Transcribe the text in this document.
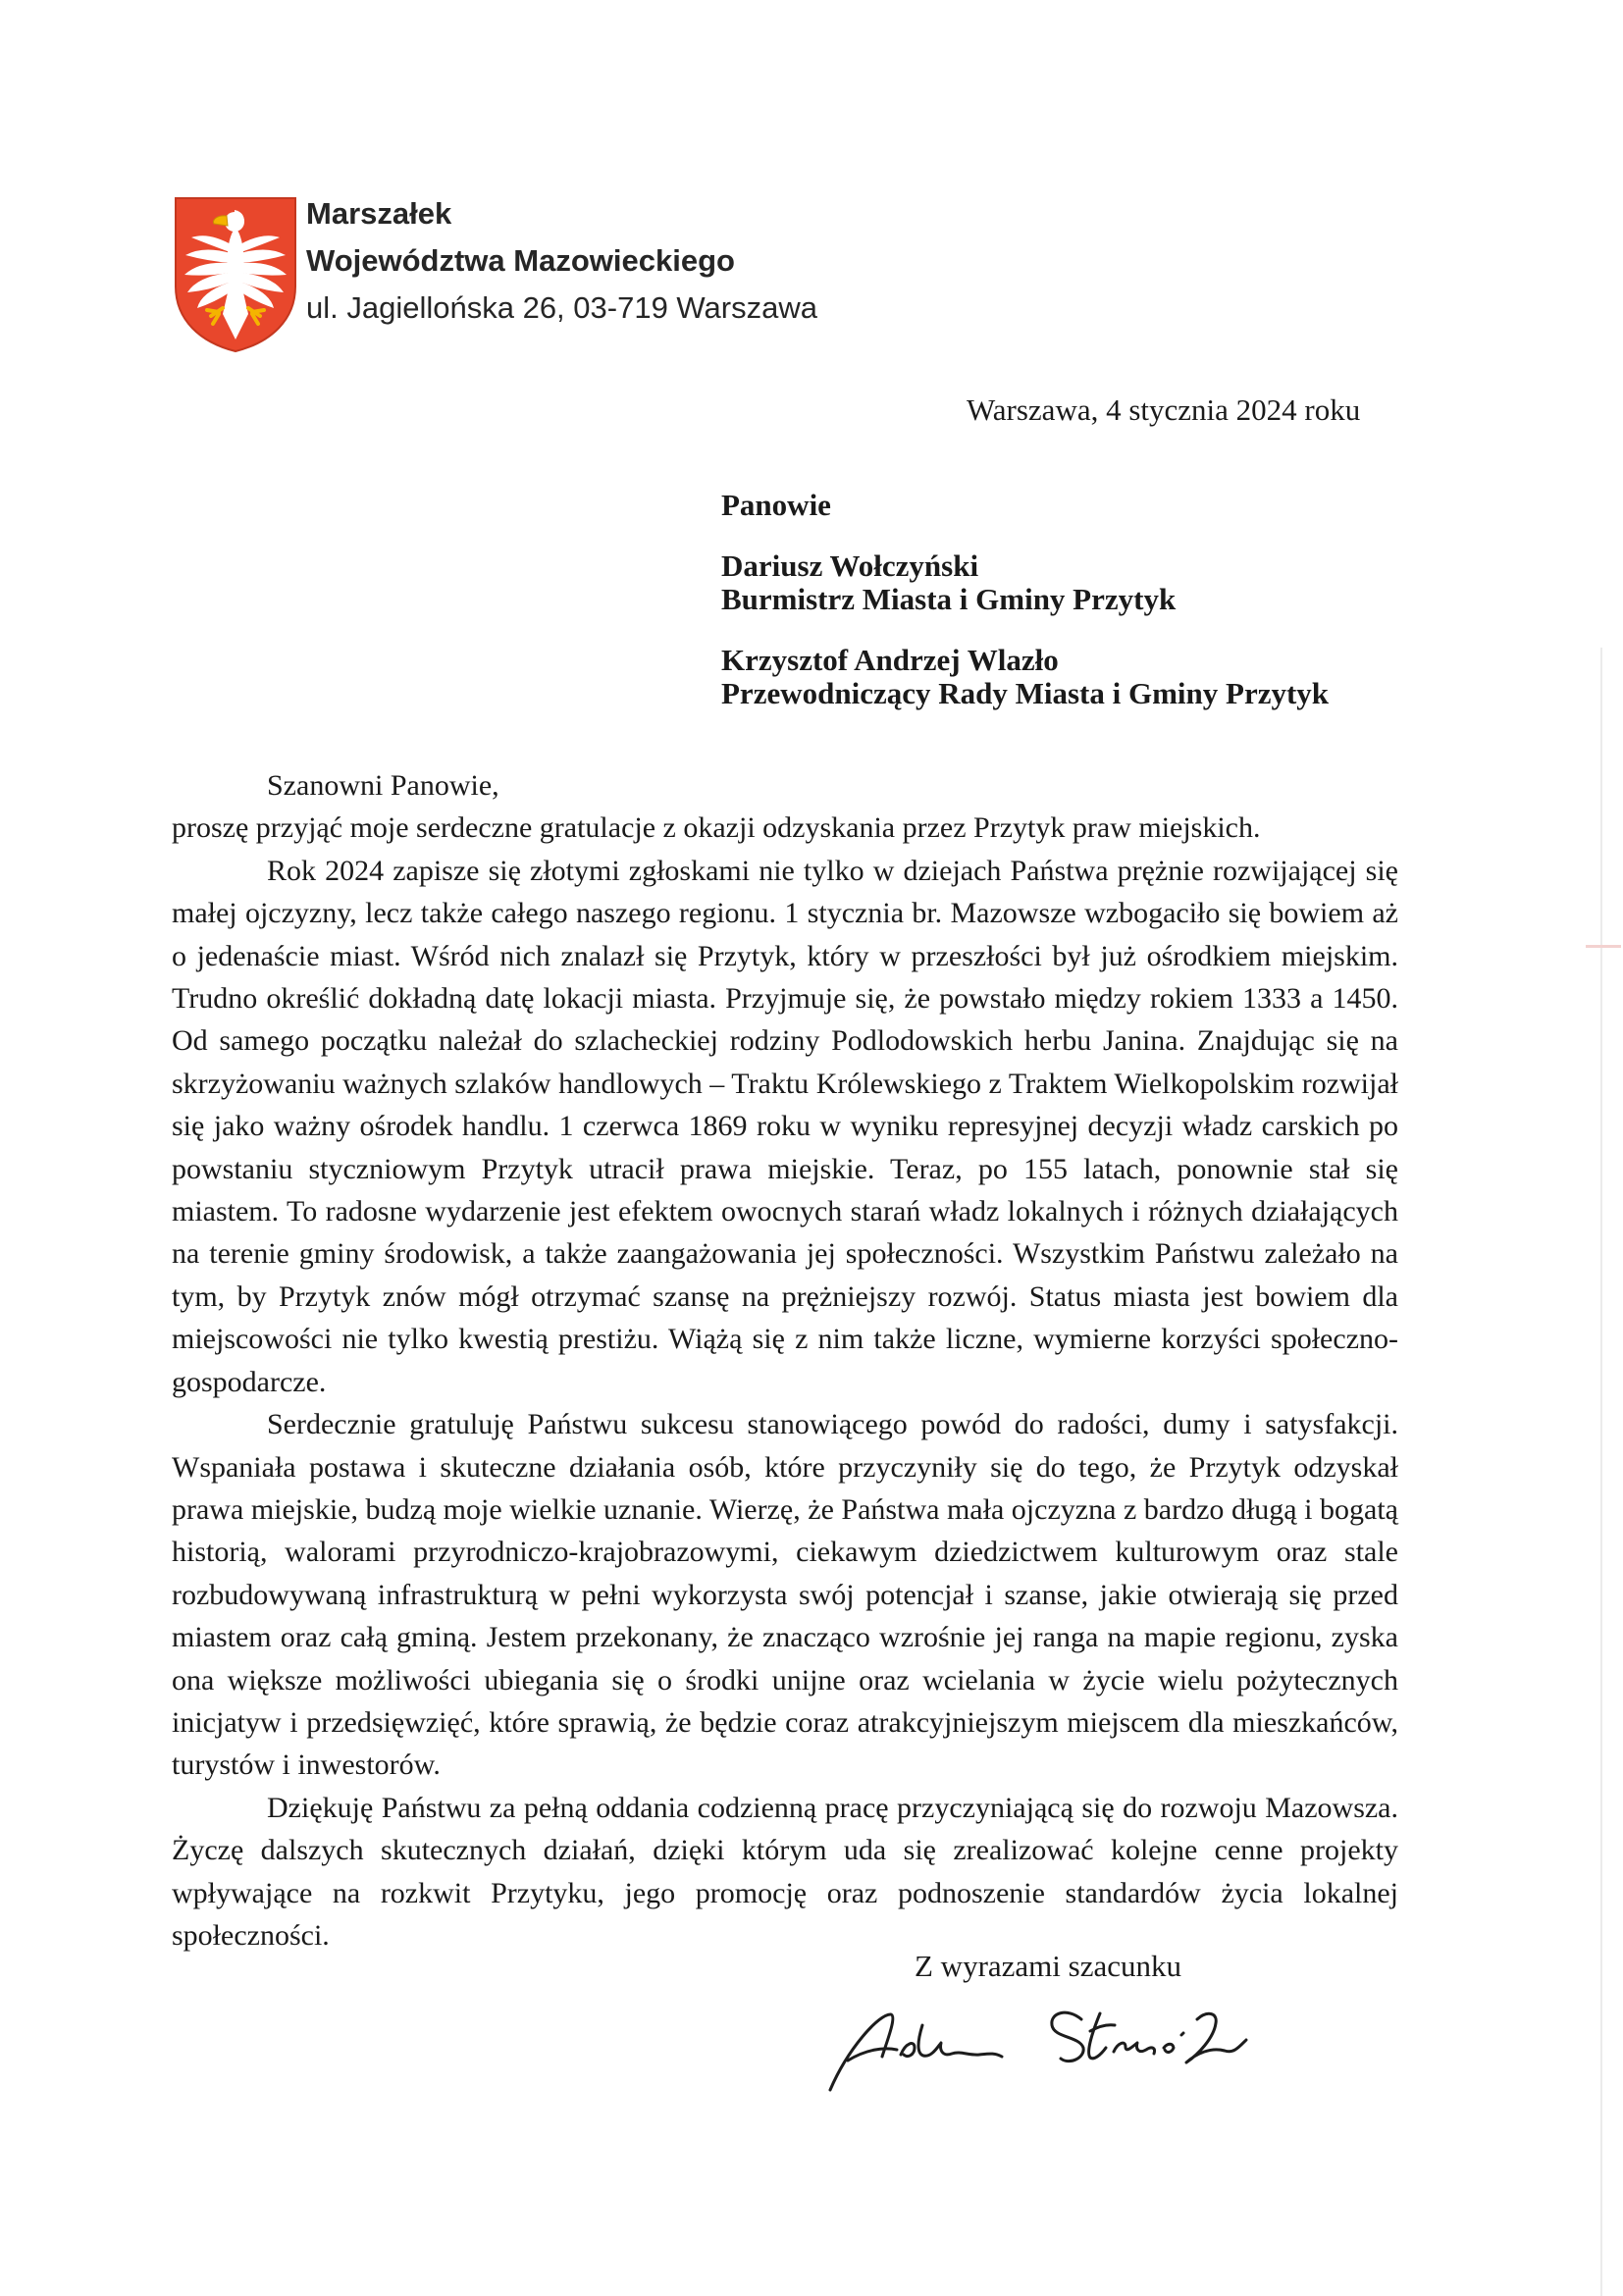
Marszałek
Województwa Mazowieckiego
ul. Jagiellońska 26, 03-719 Warszawa
Warszawa, 4 stycznia 2024 roku
Panowie
Dariusz Wołczyński
Burmistrz Miasta i Gminy Przytyk
Krzysztof Andrzej Wlazło
Przewodniczący Rady Miasta i Gminy Przytyk

Szanowni Panowie,

proszę przyjąć moje serdeczne gratulacje z okazji odzyskania przez Przytyk praw miejskich.

Rok 2024 zapisze się złotymi zgłoskami nie tylko w dziejach Państwa prężnie rozwijającej się małej ojczyzny, lecz także całego naszego regionu. 1 stycznia br. Mazowsze wzbogaciło się bowiem aż o jedenaście miast. Wśród nich znalazł się Przytyk, który w przeszłości był już ośrodkiem miejskim. Trudno określić dokładną datę lokacji miasta. Przyjmuje się, że powstało między rokiem 1333 a 1450. Od samego początku należał do szlacheckiej rodziny Podlodowskich herbu Janina. Znajdując się na skrzyżowaniu ważnych szlaków handlowych – Traktu Królewskiego z Traktem Wielkopolskim rozwijał się jako ważny ośrodek handlu. 1 czerwca 1869 roku w wyniku represyjnej decyzji władz carskich po powstaniu styczniowym Przytyk utracił prawa miejskie. Teraz, po 155 latach, ponownie stał się miastem. To radosne wydarzenie jest efektem owocnych starań władz lokalnych i różnych działających na terenie gminy środowisk, a także zaangażowania jej społeczności. Wszystkim Państwu zależało na tym, by Przytyk znów mógł otrzymać szansę na prężniejszy rozwój. Status miasta jest bowiem dla miejscowości nie tylko kwestią prestiżu. Wiążą się z nim także liczne, wymierne korzyści społeczno-gospodarcze.

Serdecznie gratuluję Państwu sukcesu stanowiącego powód do radości, dumy i satysfakcji. Wspaniała postawa i skuteczne działania osób, które przyczyniły się do tego, że Przytyk odzyskał prawa miejskie, budzą moje wielkie uznanie. Wierzę, że Państwa mała ojczyzna z bardzo długą i bogatą historią, walorami przyrodniczo-krajobrazowymi, ciekawym dziedzictwem kulturowym oraz stale rozbudowywaną infrastrukturą w pełni wykorzysta swój potencjał i szanse, jakie otwierają się przed miastem oraz całą gminą. Jestem przekonany, że znacząco wzrośnie jej ranga na mapie regionu, zyska ona większe możliwości ubiegania się o środki unijne oraz wcielania w życie wielu pożytecznych inicjatyw i przedsięwzięć, które sprawią, że będzie coraz atrakcyjniejszym miejscem dla mieszkańców, turystów i inwestorów.

Dziękuję Państwu za pełną oddania codzienną pracę przyczyniającą się do rozwoju Mazowsza. Życzę dalszych skutecznych działań, dzięki którym uda się zrealizować kolejne cenne projekty wpływające na rozkwit Przytyku, jego promocję oraz podnoszenie standardów życia lokalnej społeczności.

Z wyrazami szacunku
